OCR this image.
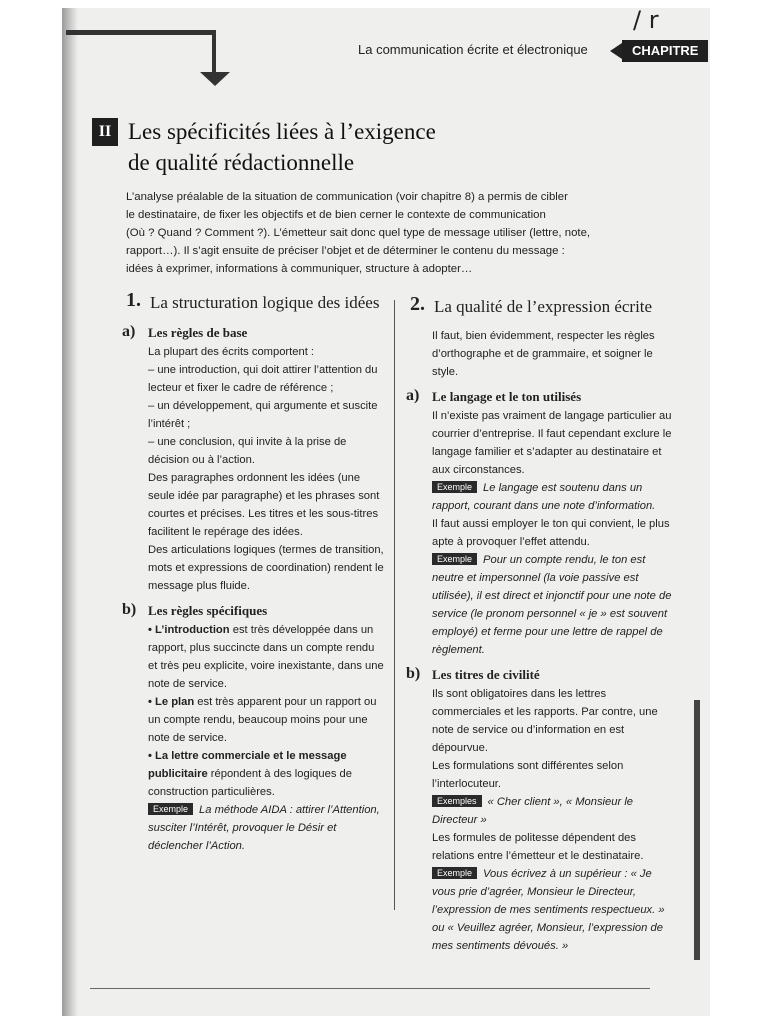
/ r
La communication écrite et électronique	CHAPITRE
II Les spécificités liées à l’exigence
de qualité rédactionnelle

L’analyse préalable de la situation de communication (voir chapitre 8) a permis de cibler

le destinataire, de fixer les objectifs et de bien cerner le contexte de communication

(Où ? Quand ? Comment ?). L’émetteur sait donc quel type de message utiliser (lettre, note,

rapport…). Il s’agit ensuite de préciser l’objet et de déterminer le contenu du message :

idées à exprimer, informations à communiquer, structure à adopter…

1. La structuration logique des idées
a) Les règles de base

La plupart des écrits comportent :

– une introduction, qui doit attirer l’attention du lecteur et fixer le cadre de référence ;

– un développement, qui argumente et suscite l’intérêt ;

– une conclusion, qui invite à la prise de décision ou à l’action.

Des paragraphes ordonnent les idées (une seule idée par paragraphe) et les phrases sont courtes et précises. Les titres et les sous-titres facilitent le repérage des idées.

Des articulations logiques (termes de transition, mots et expressions de coordination) rendent le message plus fluide.

b) Les règles spécifiques

• L’introduction est très développée dans un rapport, plus succincte dans un compte rendu et très peu explicite, voire inexistante, dans une note de service.

• Le plan est très apparent pour un rapport ou un compte rendu, beaucoup moins pour une note de service.

• La lettre commerciale et le message publicitaire répondent à des logiques de construction particulières.

Exemple La méthode AIDA : attirer l’Attention, susciter l’Intérêt, provoquer le Désir et déclencher l’Action.

2. La qualité de l’expression écrite

Il faut, bien évidemment, respecter les règles d’orthographe et de grammaire, et soigner le style.

a) Le langage et le ton utilisés

Il n’existe pas vraiment de langage particulier au courrier d’entreprise. Il faut cependant exclure le langage familier et s’adapter au destinataire et aux circonstances.

Exemple Le langage est soutenu dans un rapport, courant dans une note d’information.

Il faut aussi employer le ton qui convient, le plus apte à provoquer l’effet attendu.

Exemple Pour un compte rendu, le ton est neutre et impersonnel (la voie passive est utilisée), il est direct et injonctif pour une note de service (le pronom personnel « je » est souvent employé) et ferme pour une lettre de rappel de règlement.

b) Les titres de civilité

Ils sont obligatoires dans les lettres commerciales et les rapports. Par contre, une note de service ou d’information en est dépourvue.

Les formulations sont différentes selon l’interlocuteur.

Exemples « Cher client », « Monsieur le Directeur »

Les formules de politesse dépendent des relations entre l’émetteur et le destinataire.

Exemple Vous écrivez à un supérieur : « Je vous prie d’agréer, Monsieur le Directeur, l’expression de mes sentiments respectueux. » ou « Veuillez agréer, Monsieur, l’expression de mes sentiments dévoués. »
